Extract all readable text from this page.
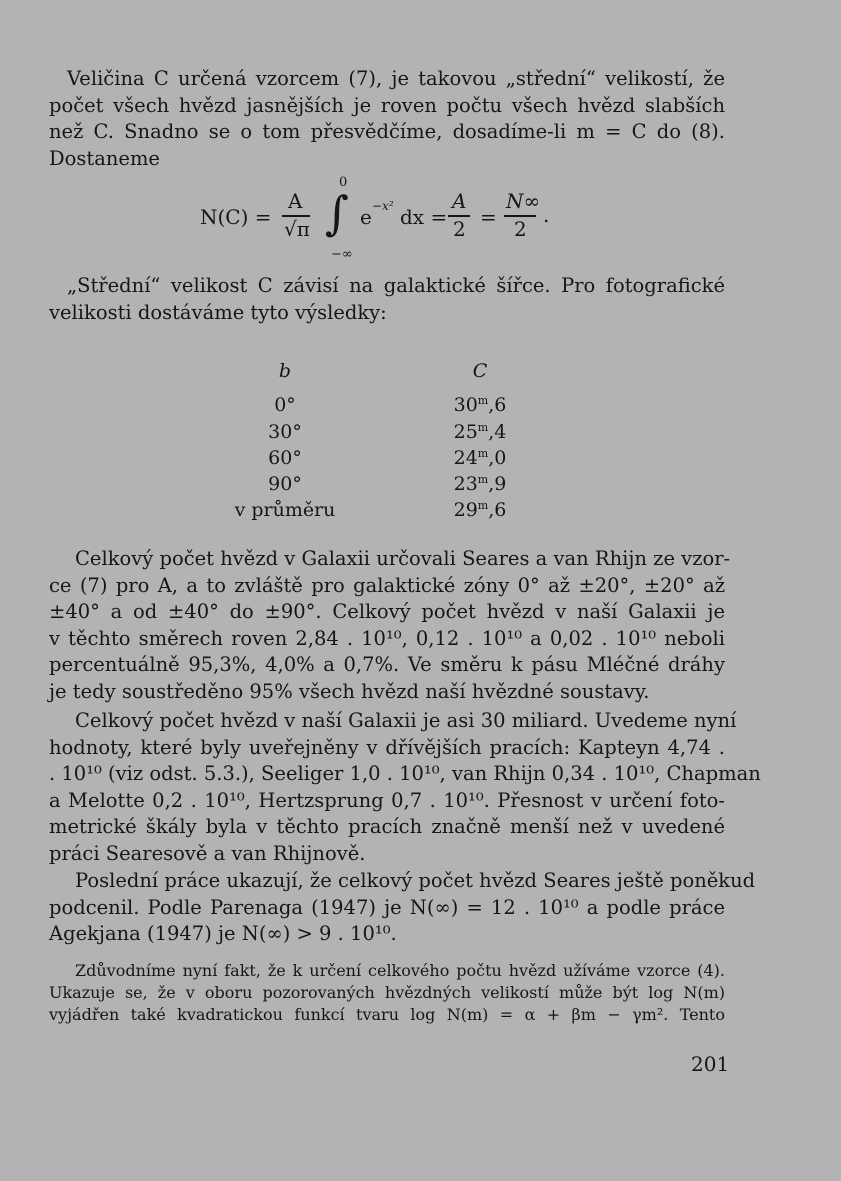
Veličina C určená vzorcem (7), je takovou „střední“ velikostí, že
počet všech hvězd jasnějších je roven počtu všech hvězd slabších
než C. Snadno se o tom přesvědčíme, dosadíme-li m = C do (8).
Dostaneme
N(C) =
A
√π
0
∫
−∞
e −x² dx =
A
2 =
N∞
2
.
„Střední“ velikost C závisí na galaktické šířce. Pro fotografické
velikosti dostáváme tyto výsledky:
b
0°
30°
60°
90°
v průměru
C
30$^m$,6
25$^m$,4
24$^m$,0
23$^m$,9
29$^m$,6
Celkový počet hvězd v Galaxii určovali Seares a van Rhijn ze vzor-
ce (7) pro A, a to zvláště pro galaktické zóny 0° až ±20°, ±20° až
±40° a od ±40° do ±90°. Celkový počet hvězd v naší Galaxii je
v těchto směrech roven 2,84 . 10¹⁰, 0,12 . 10¹⁰ a 0,02 . 10¹⁰ neboli
percentuálně 95,3%, 4,0% a 0,7%. Ve směru k pásu Mléčné dráhy
je tedy soustředěno 95% všech hvězd naší hvězdné soustavy.
Celkový počet hvězd v naší Galaxii je asi 30 miliard. Uvedeme nyní
hodnoty, které byly uveřejněny v dřívějších pracích: Kapteyn 4,74 .
. 10¹⁰ (viz odst. 5.3.), Seeliger 1,0 . 10¹⁰, van Rhijn 0,34 . 10¹⁰, Chapman
a Melotte 0,2 . 10¹⁰, Hertzsprung 0,7 . 10¹⁰. Přesnost v určení foto-
metrické škály byla v těchto pracích značně menší než v uvedené
práci Searesově a van Rhijnově.
Poslední práce ukazují, že celkový počet hvězd Seares ještě poněkud
podcenil. Podle Parenaga (1947) je N(∞) = 12 . 10¹⁰ a podle práce
Agekjana (1947) je N(∞) > 9 . 10¹⁰.
Zdůvodníme nyní fakt, že k určení celkového počtu hvězd užíváme vzorce (4).
Ukazuje se, že v oboru pozorovaných hvězdných velikostí může být log N(m)
vyjádřen také kvadratickou funkcí tvaru log N(m) = α + βm − γm². Tento
201
